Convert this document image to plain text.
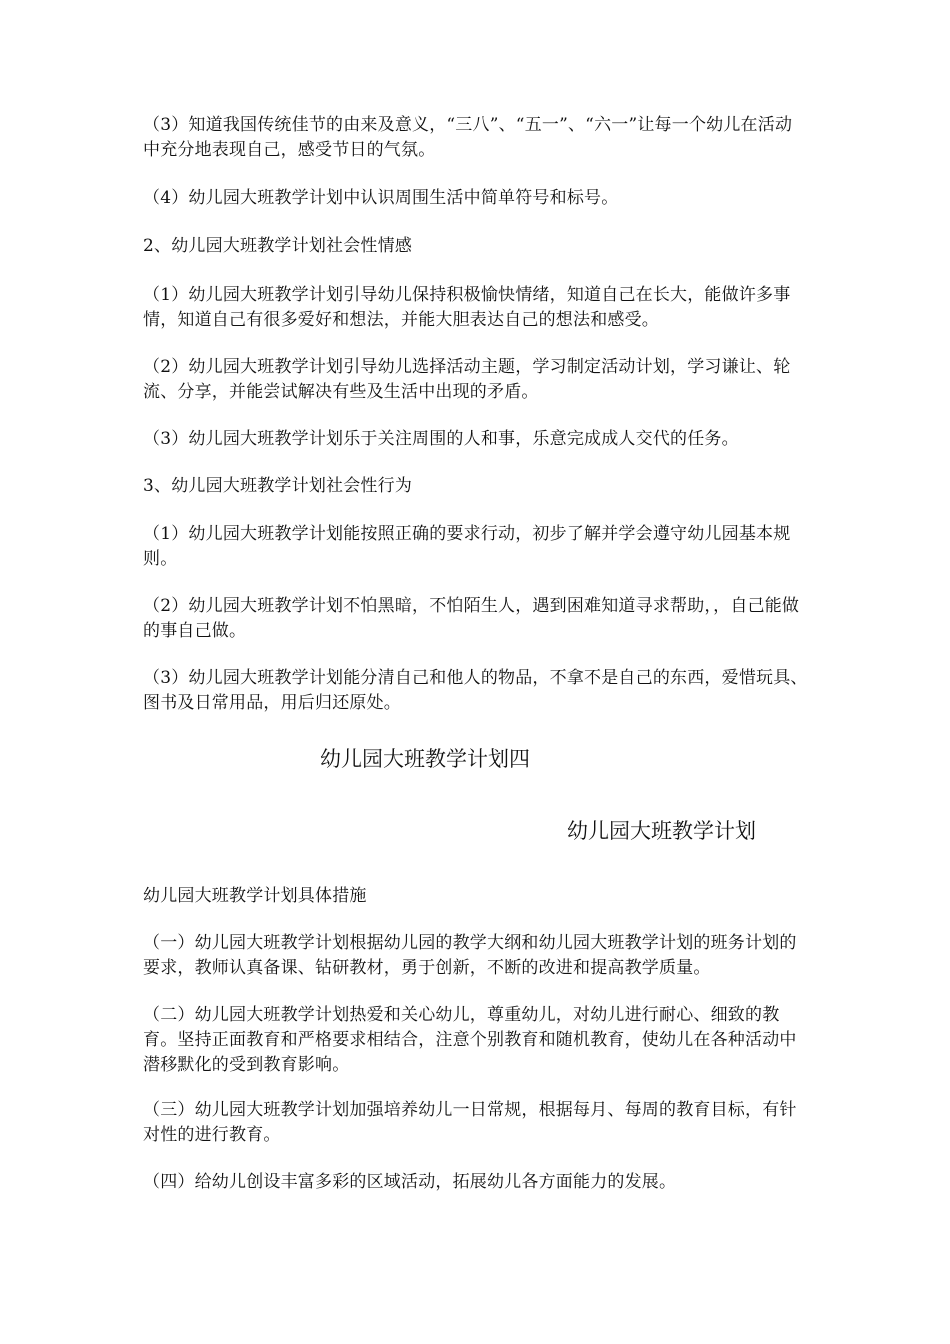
（3）知道我国传统佳节的由来及意义，“三八”、“五一”、“六一”让每一个幼儿在活动中充分地表现自己，感受节日的气氛。

（4）幼儿园大班教学计划中认识周围生活中简单符号和标号。

2、幼儿园大班教学计划社会性情感

（1）幼儿园大班教学计划引导幼儿保持积极愉快情绪，知道自己在长大，能做许多事情，知道自己有很多爱好和想法，并能大胆表达自己的想法和感受。

（2）幼儿园大班教学计划引导幼儿选择活动主题，学习制定活动计划，学习谦让、轮流、分享，并能尝试解决有些及生活中出现的矛盾。

（3）幼儿园大班教学计划乐于关注周围的人和事，乐意完成成人交代的任务。

3、幼儿园大班教学计划社会性行为

（1）幼儿园大班教学计划能按照正确的要求行动，初步了解并学会遵守幼儿园基本规则。

（2）幼儿园大班教学计划不怕黑暗，不怕陌生人，遇到困难知道寻求帮助，，自己能做的事自己做。

（3）幼儿园大班教学计划能分清自己和他人的物品，不拿不是自己的东西，爱惜玩具、图书及日常用品，用后归还原处。

幼儿园大班教学计划四
幼儿园大班教学计划

幼儿园大班教学计划具体措施

（一）幼儿园大班教学计划根据幼儿园的教学大纲和幼儿园大班教学计划的班务计划的要求，教师认真备课、钻研教材，勇于创新，不断的改进和提高教学质量。

（二）幼儿园大班教学计划热爱和关心幼儿，尊重幼儿，对幼儿进行耐心、细致的教育。坚持正面教育和严格要求相结合，注意个别教育和随机教育，使幼儿在各种活动中潜移默化的受到教育影响。

（三）幼儿园大班教学计划加强培养幼儿一日常规，根据每月、每周的教育目标，有针对性的进行教育。

（四）给幼儿创设丰富多彩的区域活动，拓展幼儿各方面能力的发展。
